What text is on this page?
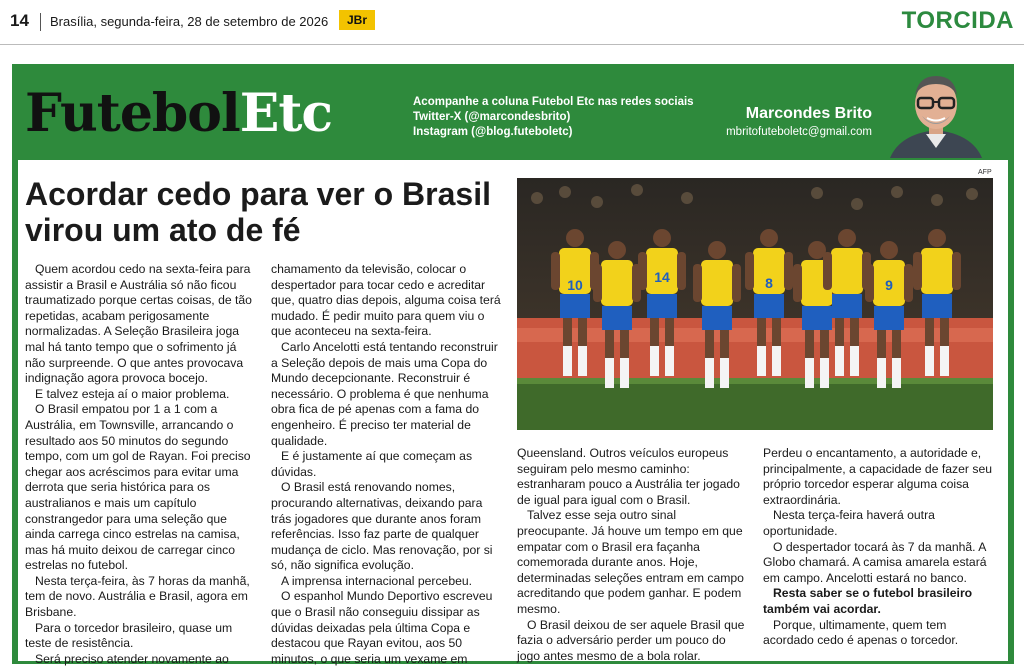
14 Brasília, segunda-feira, 28 de setembro de 2026	JBr	TORCIDA
FutebolEtc	Acompanhe a coluna Futebol Etc nas redes sociais
Twitter-X (@marcondesbrito)
Instagram (@blog.futeboletc)
Marcondes Brito
mbritofuteboletc@gmail.com
Acordar cedo para ver o Brasil virou um ato de fé

Quem acordou cedo na sexta-feira para assistir a Brasil e Austrália só não ficou traumatizado porque certas coisas, de tão repetidas, acabam perigosamente normalizadas. A Seleção Brasileira joga mal há tanto tempo que o sofrimento já não surpreende. O que antes provocava indignação agora provoca bocejo.

E talvez esteja aí o maior problema.

O Brasil empatou por 1 a 1 com a Austrália, em Townsville, arrancando o resultado aos 50 minutos do segundo tempo, com um gol de Rayan. Foi preciso chegar aos acréscimos para evitar uma derrota que seria histórica para os australianos e mais um capítulo constrangedor para uma seleção que ainda carrega cinco estrelas na camisa, mas há muito deixou de carregar cinco estrelas no futebol.

Nesta terça-feira, às 7 horas da manhã, tem de novo. Austrália e Brasil, agora em Brisbane.

Para o torcedor brasileiro, quase um teste de resistência.

Será preciso atender novamente ao

chamamento da televisão, colocar o despertador para tocar cedo e acreditar que, quatro dias depois, alguma coisa terá mudado. É pedir muito para quem viu o que aconteceu na sexta-feira.

Carlo Ancelotti está tentando reconstruir a Seleção depois de mais uma Copa do Mundo decepcionante. Reconstruir é necessário. O problema é que nenhuma obra fica de pé apenas com a fama do engenheiro. É preciso ter material de qualidade.

E é justamente aí que começam as dúvidas.

O Brasil está renovando nomes, procurando alternativas, deixando para trás jogadores que durante anos foram referências. Isso faz parte de qualquer mudança de ciclo. Mas renovação, por si só, não significa evolução.

A imprensa internacional percebeu.

O espanhol Mundo Deportivo escreveu que o Brasil não conseguiu dissipar as dúvidas deixadas pela última Copa e destacou que Rayan evitou, aos 50 minutos, o que seria um vexame em

Queensland. Outros veículos europeus seguiram pelo mesmo caminho: estranharam pouco a Austrália ter jogado de igual para igual com o Brasil.

Talvez esse seja outro sinal preocupante. Já houve um tempo em que empatar com o Brasil era façanha comemorada durante anos. Hoje, determinadas seleções entram em campo acreditando que podem ganhar. E podem mesmo.

O Brasil deixou de ser aquele Brasil que fazia o adversário perder um pouco do jogo antes mesmo de a bola rolar.

Perdeu o encantamento, a autoridade e, principalmente, a capacidade de fazer seu próprio torcedor esperar alguma coisa extraordinária.

Nesta terça-feira haverá outra oportunidade.

O despertador tocará às 7 da manhã. A Globo chamará. A camisa amarela estará em campo. Ancelotti estará no banco.

Resta saber se o futebol brasileiro também vai acordar.

Porque, ultimamente, quem tem acordado cedo é apenas o torcedor.

AFP
10	14	8	9
